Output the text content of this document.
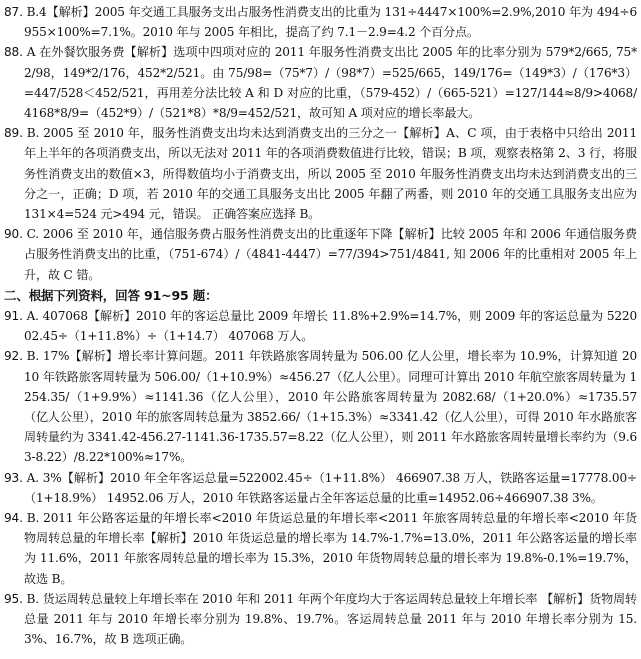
87. B.4【解析】2005 年交通工具服务支出占服务性消费支出的比重为 131÷4447×100%=2.9%,2010 年为 494÷6955×100%=7.1%。2010 年与 2005 年相比，提高了约 7.1－2.9=4.2 个百分点。

88. A 在外餐饮服务费【解析】选项中四项对应的 2011 年服务性消费支出比 2005 年的比率分别为 579*2/665, 75*2/98，149*2/176，452*2/521。由 75/98=（75*7）/（98*7）=525/665，149/176=（149*3）/（176*3）=447/528＜452/521，再用差分法比较 A 和 D 对应的比重，（579-452）/（665-521）=127/144≈8/9>4068/4168*8/9=（452*9）/（521*8）*8/9=452/521，故可知 A 项对应的增长率最大。

89. B. 2005 至 2010 年，服务性消费支出均未达到消费支出的三分之一【解析】A、C 项，由于表格中只给出 2011 年上半年的各项消费支出，所以无法对 2011 年的各项消费数值进行比较，错误；B 项，观察表格第 2、3 行，将服务性消费支出的数值×3，所得数值均小于消费支出，所以 2005 至 2010 年服务性消费支出均未达到消费支出的三分之一，正确；D 项，若 2010 年的交通工具服务支出比 2005 年翻了两番，则 2010 年的交通工具服务支出应为 131×4=524 元>494 元，错误。 正确答案应选择 B。

90. C. 2006 至 2010 年，通信服务费占服务性消费支出的比重逐年下降【解析】比较 2005 年和 2006 年通信服务费占服务性消费支出的比重，（751-674）/（4841-4447）=77/394>751/4841, 知 2006 年的比重相对 2005 年上升，故 C 错。

二、根据下列资料，回答 91~95 题：

91. A. 407068【解析】2010 年的客运总量比 2009 年增长 11.8%+2.9%=14.7%，则 2009 年的客运总量为 522002.45÷（1+11.8%）÷（1+14.7） 407068 万人。

92. B. 17%【解析】增长率计算问题。2011 年铁路旅客周转量为 506.00 亿人公里，增长率为 10.9%，计算知道 2010 年铁路旅客周转量为 506.00/（1+10.9%）≈456.27（亿人公里）。同理可计算出 2010 年航空旅客周转量为 1254.35/（1+9.9%）≈1141.36（亿人公里），2010 年公路旅客周转量为 2082.68/（1+20.0%）≈1735.57（亿人公里），2010 年的旅客周转总量为 3852.66/（1+15.3%）≈3341.42（亿人公里），可得 2010 年水路旅客周转量约为 3341.42-456.27-1141.36-1735.57=8.22（亿人公里），则 2011 年水路旅客周转量增长率约为（9.63-8.22）/8.22*100%≈17%。

93. A. 3%【解析】2010 年全年客运总量=522002.45÷（1+11.8%） 466907.38 万人，铁路客运量=17778.00÷（1+18.9%） 14952.06 万人，2010 年铁路客运量占全年客运总量的比重=14952.06÷466907.38 3%。

94. B. 2011 年公路客运量的年增长率<2010 年货运总量的年增长率<2011 年旅客周转总量的年增长率<2010 年货物周转总量的年增长率【解析】2010 年货运总量的增长率为 14.7%-1.7%=13.0%，2011 年公路客运量的增长率为 11.6%，2011 年旅客周转总量的增长率为 15.3%，2010 年货物周转总量的增长率为 19.8%-0.1%=19.7%，故选 B。

95. B. 货运周转总量较上年增长率在 2010 年和 2011 年两个年度均大于客运周转总量较上年增长率 【解析】货物周转总量 2011 年与 2010 年增长率分别为 19.8%、19.7%。客运周转总量 2011 年与 2010 年增长率分别为 15.3%、16.7%，故 B 选项正确。
